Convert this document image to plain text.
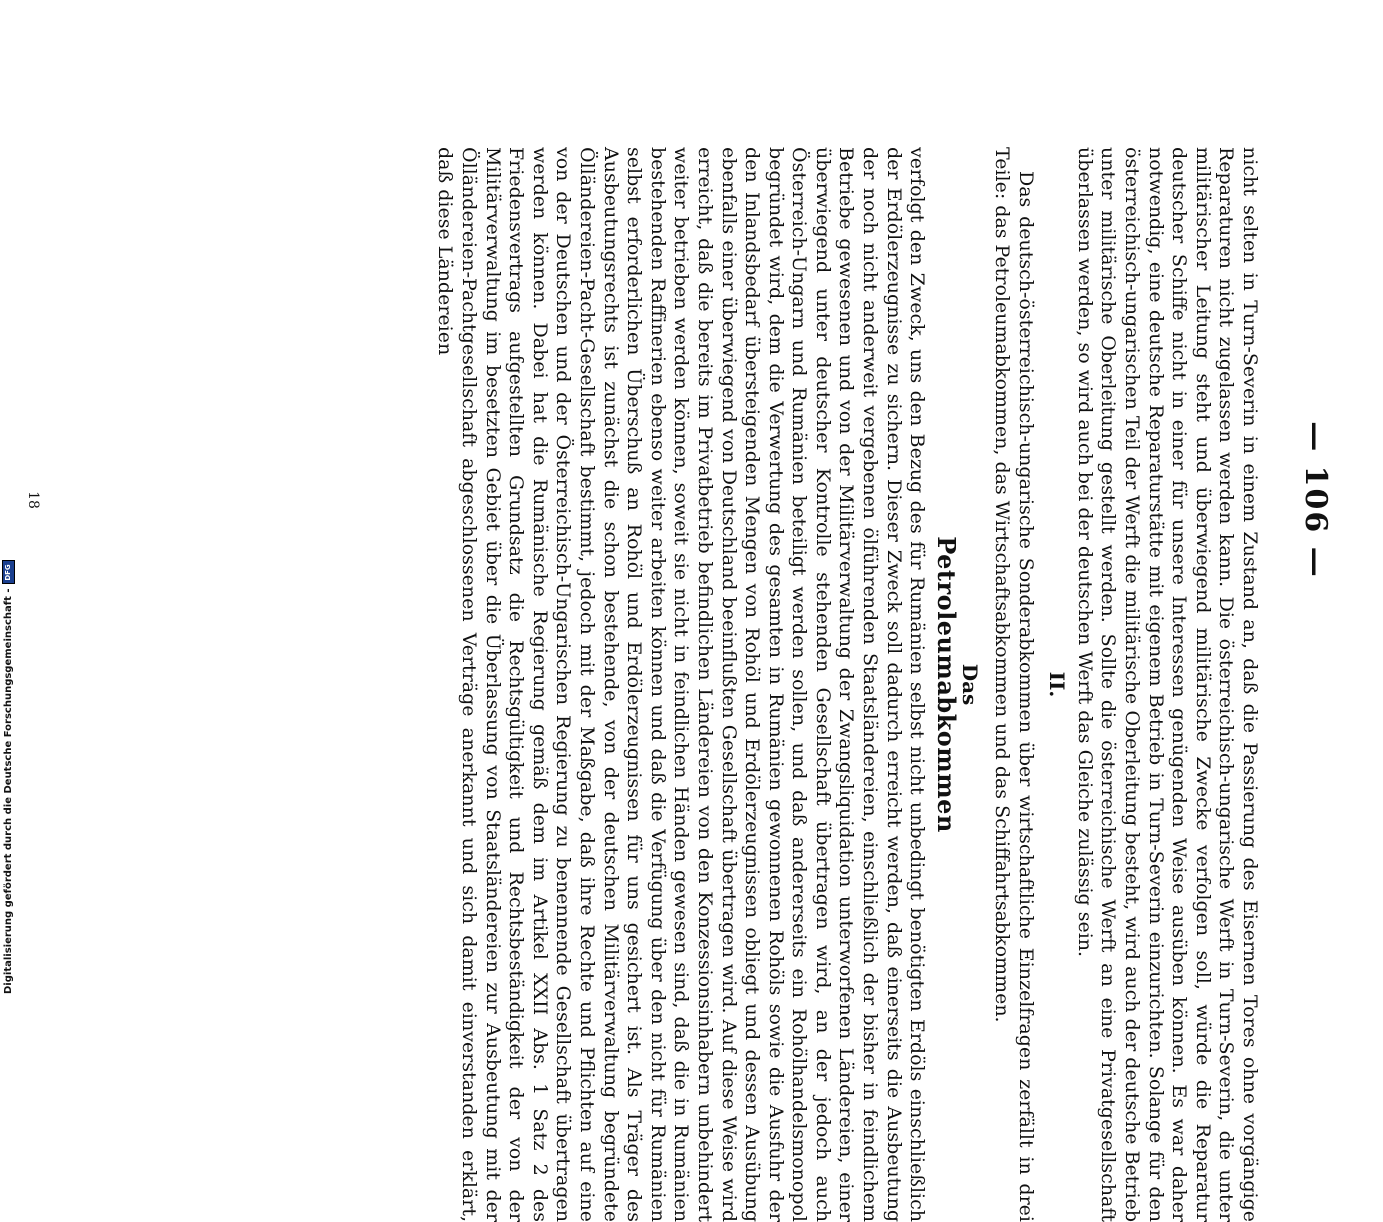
Digitalisierung gefördert durch die Deutsche Forschungsgemeinschaft -
DFG	— 106 —

nicht selten in Turn-Severin in einem Zustand an, daß die Passierung des Eisernen Tores ohne vorgängige Reparaturen nicht zugelassen werden kann. Die österreichisch-ungarische Werft in Turn-Severin, die unter militärischer Leitung steht und überwiegend militärische Zwecke verfolgen soll, würde die Reparatur deutscher Schiffe nicht in einer für unsere Interessen genügenden Weise ausüben können. Es war daher notwendig, eine deutsche Reparaturstätte mit eigenem Betrieb in Turn-Severin einzurichten. Solange für den österreichisch-ungarischen Teil der Werft die militärische Oberleitung besteht, wird auch der deutsche Betrieb unter militärische Oberleitung gestellt werden. Sollte die österreichische Werft an eine Privatgesellschaft überlassen werden, so wird auch bei der deutschen Werft das Gleiche zulässig sein.

II.

Das deutsch-österreichisch-ungarische Sonderabkommen über wirtschaftliche Einzelfragen zerfällt in drei Teile: das Petroleumabkommen, das Wirtschaftsabkommen und das Schiffahrtsabkommen.

Das
Petroleumabkommen

verfolgt den Zweck, uns den Bezug des für Rumänien selbst nicht unbedingt benötigten Erdöls einschließlich der Erdölerzeugnisse zu sichern. Dieser Zweck soll dadurch erreicht werden, daß einerseits die Ausbeutung der noch nicht anderweit vergebenen ölführenden Staatsländereien, einschließlich der bisher in feindlichem Betriebe gewesenen und von der Militärverwaltung der Zwangsliquidation unterworfenen Ländereien, einer überwiegend unter deutscher Kontrolle stehenden Gesellschaft übertragen wird, an der jedoch auch Österreich-Ungarn und Rumänien beteiligt werden sollen, und daß andererseits ein Rohölhandelsmonopol begründet wird, dem die Verwertung des gesamten in Rumänien gewonnenen Rohöls sowie die Ausfuhr der den Inlandsbedarf übersteigenden Mengen von Rohöl und Erdölerzeugnissen obliegt und dessen Ausübung ebenfalls einer überwiegend von Deutschland beeinflußten Gesellschaft übertragen wird. Auf diese Weise wird erreicht, daß die bereits im Privatbetrieb befindlichen Ländereien von den Konzessionsinhabern unbehindert weiter betrieben werden können, soweit sie nicht in feindlichen Händen gewesen sind, daß die in Rumänien bestehenden Raffinerien ebenso weiter arbeiten können und daß die Verfügung über den nicht für Rumänien selbst erforderlichen Überschuß an Rohöl und Erdölerzeugnissen für uns gesichert ist. Als Träger des Ausbeutungsrechts ist zunächst die schon bestehende, von der deutschen Militärverwaltung begründete Ölländereien-Pacht-Gesellschaft bestimmt, jedoch mit der Maßgabe, daß ihre Rechte und Pflichten auf eine von der Deutschen und der Österreichisch-Ungarischen Regierung zu benennende Gesellschaft übertragen werden können. Dabei hat die Rumänische Regierung gemäß dem im Artikel XXII Abs. 1 Satz 2 des Friedensvertrags aufgestellten Grundsatz die Rechtsgültigkeit und Rechtsbeständigkeit der von der Militärverwaltung im besetzten Gebiet über die Überlassung von Staatsländereien zur Ausbeutung mit der Ölländereien-Pachtgesellschaft abgeschlossenen Verträge anerkannt und sich damit einverstanden erklärt, daß diese Ländereien

18
